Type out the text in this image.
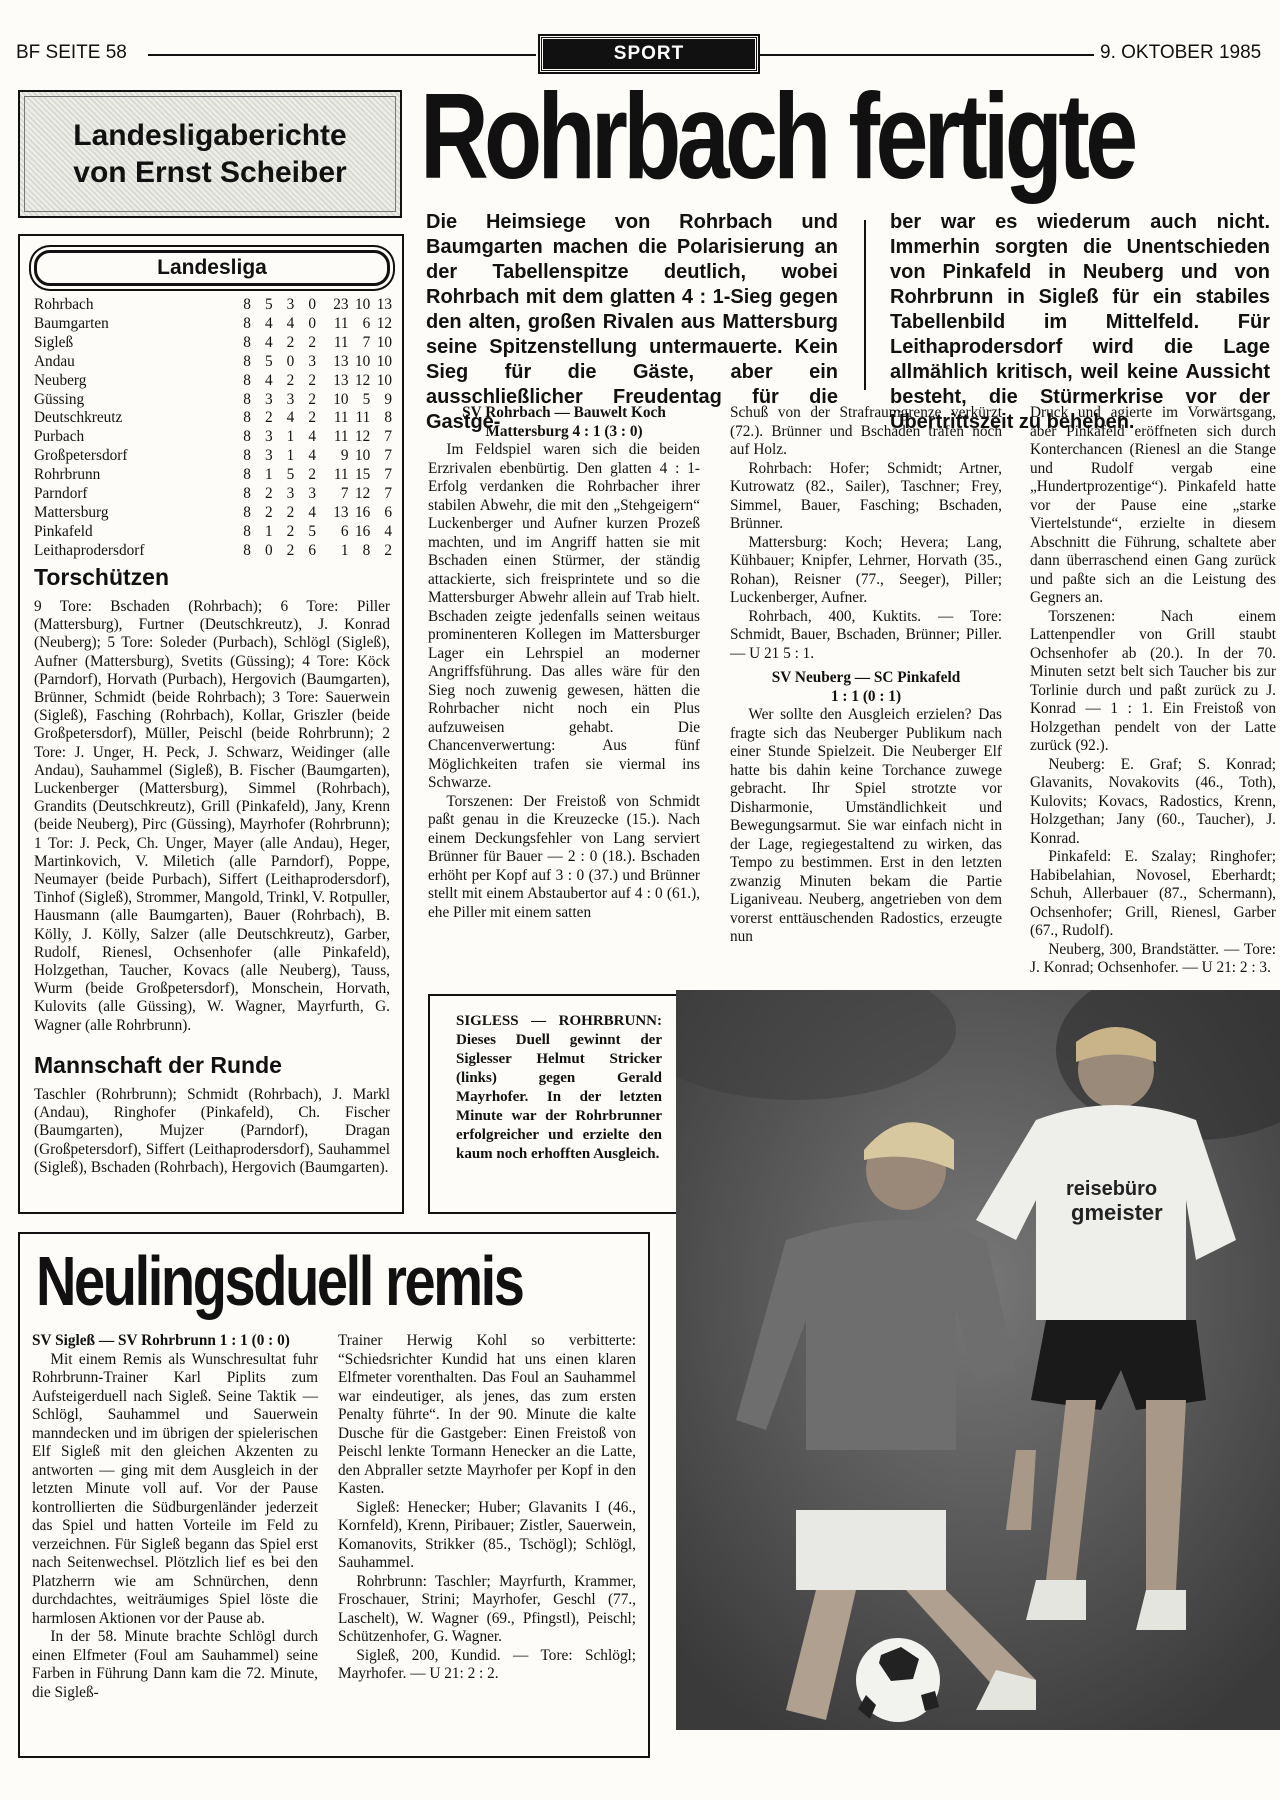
BF SEITE 58	SPORT	9. OKTOBER 1985
Landesligaberichte
von Ernst Scheiber Rohrbach fertigte
Die Heimsiege von Rohrbach und Baumgarten machen die Polarisierung an der Tabellenspitze deutlich, wobei Rohrbach mit dem glatten 4 : 1-Sieg gegen den alten, großen Rivalen aus Mattersburg seine Spitzenstellung untermauerte. Kein Sieg für die Gäste, aber ein ausschließlicher Freudentag für die Gastge-
ber war es wiederum auch nicht. Immerhin sorgten die Unentschieden von Pinkafeld in Neuberg und von Rohrbrunn in Sigleß für ein stabiles Tabellenbild im Mittelfeld. Für Leithaprodersdorf wird die Lage allmählich kritisch, weil keine Aussicht besteht, die Stürmerkrise vor der Übertrittszeit zu beheben.
Landesliga
Rohrbach	8	5	3	0	23	10	13
Baumgarten	8	4	4	0	11	6	12
Sigleß	8	4	2	2	11	7	10
Andau	8	5	0	3	13	10	10
Neuberg	8	4	2	2	13	12	10
Güssing	8	3	3	2	10	5	9
Deutschkreutz	8	2	4	2	11	11	8
Purbach	8	3	1	4	11	12	7
Großpetersdorf	8	3	1	4	9	10	7
Rohrbrunn	8	1	5	2	11	15	7
Parndorf	8	2	3	3	7	12	7
Mattersburg	8	2	2	4	13	16	6
Pinkafeld	8	1	2	5	6	16	4
Leithaprodersdorf	8	0	2	6	1	8	2
Torschützen
9 Tore: Bschaden (Rohrbach); 6 Tore: Piller (Mattersburg), Furtner (Deutschkreutz), J. Konrad (Neuberg); 5 Tore: Soleder (Purbach), Schlögl (Sigleß), Aufner (Mattersburg), Svetits (Güssing); 4 Tore: Köck (Parndorf), Horvath (Purbach), Hergovich (Baumgarten), Brünner, Schmidt (beide Rohrbach); 3 Tore: Sauerwein (Sigleß), Fasching (Rohrbach), Kollar, Griszler (beide Großpetersdorf), Müller, Peischl (beide Rohrbrunn); 2 Tore: J. Unger, H. Peck, J. Schwarz, Weidinger (alle Andau), Sauhammel (Sigleß), B. Fischer (Baumgarten), Luckenberger (Mattersburg), Simmel (Rohrbach), Grandits (Deutschkreutz), Grill (Pinkafeld), Jany, Krenn (beide Neuberg), Pirc (Güssing), Mayrhofer (Rohrbrunn); 1 Tor: J. Peck, Ch. Unger, Mayer (alle Andau), Heger, Martinkovich, V. Miletich (alle Parndorf), Poppe, Neumayer (beide Purbach), Siffert (Leithaprodersdorf), Tinhof (Sigleß), Strommer, Mangold, Trinkl, V. Rotpuller, Hausmann (alle Baumgarten), Bauer (Rohrbach), B. Kölly, J. Kölly, Salzer (alle Deutschkreutz), Garber, Rudolf, Rienesl, Ochsenhofer (alle Pinkafeld), Holzgethan, Taucher, Kovacs (alle Neuberg), Tauss, Wurm (beide Großpetersdorf), Monschein, Horvath, Kulovits (alle Güssing), W. Wagner, Mayrfurth, G. Wagner (alle Rohrbrunn).
Mannschaft der Runde
Taschler (Rohrbrunn); Schmidt (Rohrbach), J. Markl (Andau), Ringhofer (Pinkafeld), Ch. Fischer (Baumgarten), Mujzer (Parndorf), Dragan (Großpetersdorf), Siffert (Leithaprodersdorf), Sauhammel (Sigleß), Bschaden (Rohrbach), Hergovich (Baumgarten).

SV Rohrbach — Bauwelt Koch

Mattersburg 4 : 1 (3 : 0)

Im Feldspiel waren sich die beiden Erzrivalen ebenbürtig. Den glatten 4 : 1-Erfolg verdanken die Rohrbacher ihrer stabilen Abwehr, die mit den „Stehgeigern“ Luckenberger und Aufner kurzen Prozeß machten, und im Angriff hatten sie mit Bschaden einen Stürmer, der ständig attackierte, sich freisprintete und so die Mattersburger Abwehr allein auf Trab hielt. Bschaden zeigte jedenfalls seinen weitaus prominenteren Kollegen im Mattersburger Lager ein Lehrspiel an moderner Angriffsführung. Das alles wäre für den Sieg noch zuwenig gewesen, hätten die Rohrbacher nicht noch ein Plus aufzuweisen gehabt. Die Chancenverwertung: Aus fünf Möglichkeiten trafen sie viermal ins Schwarze.

Torszenen: Der Freistoß von Schmidt paßt genau in die Kreuzecke (15.). Nach einem Deckungsfehler von Lang serviert Brünner für Bauer — 2 : 0 (18.). Bschaden erhöht per Kopf auf 3 : 0 (37.) und Brünner stellt mit einem Abstaubertor auf 4 : 0 (61.), ehe Piller mit einem satten

Schuß von der Strafraumgrenze verkürzt (72.). Brünner und Bschaden trafen noch auf Holz.

Rohrbach: Hofer; Schmidt; Artner, Kutrowatz (82., Sailer), Taschner; Frey, Simmel, Bauer, Fasching; Bschaden, Brünner.

Mattersburg: Koch; Hevera; Lang, Kühbauer; Knipfer, Lehrner, Horvath (35., Rohan), Reisner (77., Seeger), Piller; Luckenberger, Aufner.

Rohrbach, 400, Kuktits. — Tore: Schmidt, Bauer, Bschaden, Brünner; Piller. — U 21 5 : 1.

SV Neuberg — SC Pinkafeld

1 : 1 (0 : 1)

Wer sollte den Ausgleich erzielen? Das fragte sich das Neuberger Publikum nach einer Stunde Spielzeit. Die Neuberger Elf hatte bis dahin keine Torchance zuwege gebracht. Ihr Spiel strotzte vor Disharmonie, Umständlichkeit und Bewegungsarmut. Sie war einfach nicht in der Lage, regiegestaltend zu wirken, das Tempo zu bestimmen. Erst in den letzten zwanzig Minuten bekam die Partie Liganiveau. Neuberg, angetrieben von dem vorerst enttäuschenden Radostics, erzeugte nun

Druck und agierte im Vorwärtsgang, aber Pinkafeld eröffneten sich durch Konterchancen (Rienesl an die Stange und Rudolf vergab eine „Hundertprozentige“). Pinkafeld hatte vor der Pause eine „starke Viertelstunde“, erzielte in diesem Abschnitt die Führung, schaltete aber dann überraschend einen Gang zurück und paßte sich an die Leistung des Gegners an.

Torszenen: Nach einem Lattenpendler von Grill staubt Ochsenhofer ab (20.). In der 70. Minuten setzt belt sich Taucher bis zur Torlinie durch und paßt zurück zu J. Konrad — 1 : 1. Ein Freistoß von Holzgethan pendelt von der Latte zurück (92.).

Neuberg: E. Graf; S. Konrad; Glavanits, Novakovits (46., Toth), Kulovits; Kovacs, Radostics, Krenn, Holzgethan; Jany (60., Taucher), J. Konrad.

Pinkafeld: E. Szalay; Ringhofer; Habibelahian, Novosel, Eberhardt; Schuh, Allerbauer (87., Schermann), Ochsenhofer; Grill, Rienesl, Garber (67., Rudolf).

Neuberg, 300, Brandstätter. — Tore: J. Konrad; Ochsenhofer. — U 21: 2 : 3.

SIGLESS — ROHRBRUNN: Dieses Duell gewinnt der Siglesser Helmut Stricker (links) gegen Gerald Mayrhofer. In der letzten Minute war der Rohrbrunner erfolgreicher und erzielte den kaum noch erhofften Ausgleich.
reisebüro
gmeister
Neulingsduell remis

SV Sigleß — SV Rohrbrunn 1 : 1 (0 : 0)

Mit einem Remis als Wunschresultat fuhr Rohrbrunn-Trainer Karl Piplits zum Aufsteigerduell nach Sigleß. Seine Taktik — Schlögl, Sauhammel und Sauerwein manndecken und im übrigen der spielerischen Elf Sigleß mit den gleichen Akzenten zu antworten — ging mit dem Ausgleich in der letzten Minute voll auf. Vor der Pause kontrollierten die Südburgenländer jederzeit das Spiel und hatten Vorteile im Feld zu verzeichnen. Für Sigleß begann das Spiel erst nach Seitenwechsel. Plötzlich lief es bei den Platzherrn wie am Schnürchen, denn durchdachtes, weiträumiges Spiel löste die harmlosen Aktionen vor der Pause ab.

In der 58. Minute brachte Schlögl durch einen Elfmeter (Foul am Sauhammel) seine Farben in Führung Dann kam die 72. Minute, die Sigleß-

Trainer Herwig Kohl so verbitterte: “Schiedsrichter Kundid hat uns einen klaren Elfmeter vorenthalten. Das Foul an Sauhammel war eindeutiger, als jenes, das zum ersten Penalty führte“. In der 90. Minute die kalte Dusche für die Gastgeber: Einen Freistoß von Peischl lenkte Tormann Henecker an die Latte, den Abpraller setzte Mayrhofer per Kopf in den Kasten.

Sigleß: Henecker; Huber; Glavanits I (46., Kornfeld), Krenn, Piribauer; Zistler, Sauerwein, Komanovits, Strikker (85., Tschögl); Schlögl, Sauhammel.

Rohrbrunn: Taschler; Mayrfurth, Krammer, Froschauer, Strini; Mayrhofer, Geschl (77., Laschelt), W. Wagner (69., Pfingstl), Peischl; Schützenhofer, G. Wagner.

Sigleß, 200, Kundid. — Tore: Schlögl; Mayrhofer. — U 21: 2 : 2.
